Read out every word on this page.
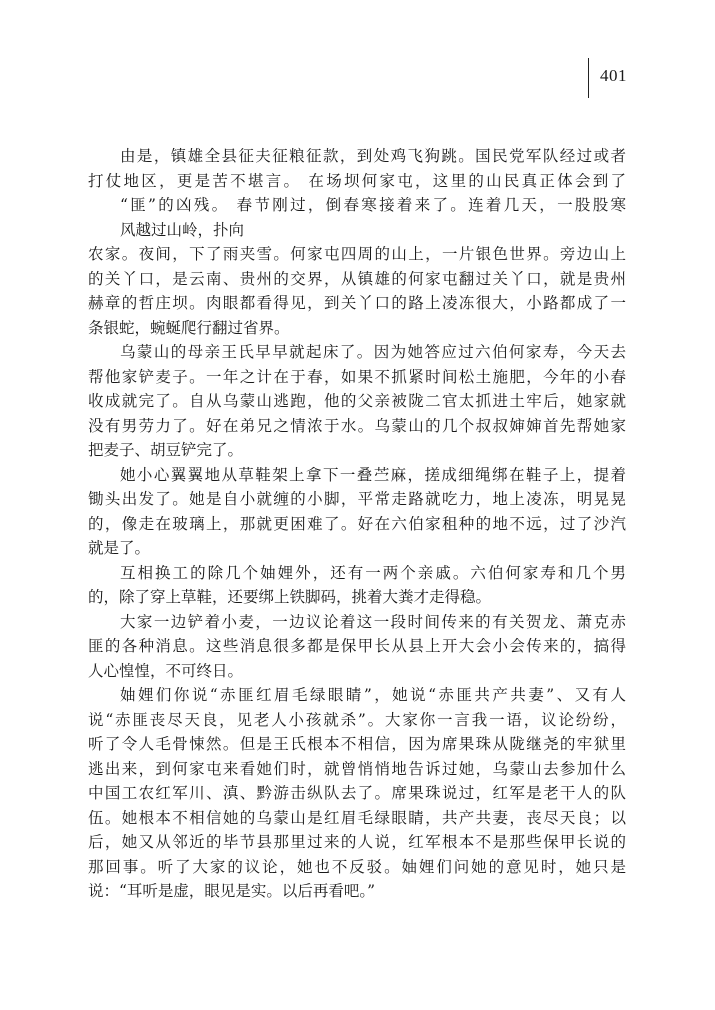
401
由是，镇雄全县征夫征粮征款，到处鸡飞狗跳。国民党军队经过或者
打仗地区，更是苦不堪言。 在场坝何家屯，这里的山民真正体会到了
“匪”的凶残。 春节刚过，倒春寒接着来了。连着几天，一股股寒
风越过山岭，扑向
农家。夜间，下了雨夹雪。何家屯四周的山上，一片银色世界。旁边山上
的关丫口，是云南、贵州的交界，从镇雄的何家屯翻过关丫口，就是贵州
赫章的哲庄坝。肉眼都看得见，到关丫口的路上凌冻很大，小路都成了一
条银蛇，蜿蜒爬行翻过省界。
乌蒙山的母亲王氏早早就起床了。因为她答应过六伯何家寿，今天去
帮他家铲麦子。一年之计在于春，如果不抓紧时间松土施肥，今年的小春
收成就完了。自从乌蒙山逃跑，他的父亲被陇二官太抓进土牢后，她家就
没有男劳力了。好在弟兄之情浓于水。乌蒙山的几个叔叔婶婶首先帮她家
把麦子、胡豆铲完了。
她小心翼翼地从草鞋架上拿下一叠苎麻，搓成细绳绑在鞋子上，提着
锄头出发了。她是自小就缠的小脚，平常走路就吃力，地上凌冻，明晃晃
的，像走在玻璃上，那就更困难了。好在六伯家租种的地不远，过了沙汽
就是了。
互相换工的除几个妯娌外，还有一两个亲戚。六伯何家寿和几个男
的，除了穿上草鞋，还要绑上铁脚码，挑着大粪才走得稳。
大家一边铲着小麦，一边议论着这一段时间传来的有关贺龙、萧克赤
匪的各种消息。这些消息很多都是保甲长从县上开大会小会传来的，搞得
人心惶惶，不可终日。
妯娌们你说“赤匪红眉毛绿眼睛”，她说“赤匪共产共妻”、又有人
说“赤匪丧尽天良，见老人小孩就杀”。大家你一言我一语，议论纷纷，
听了令人毛骨悚然。但是王氏根本不相信，因为席果珠从陇继尧的牢狱里
逃出来，到何家屯来看她们时，就曾悄悄地告诉过她，乌蒙山去参加什么
中国工农红军川、滇、黔游击纵队去了。席果珠说过，红军是老干人的队
伍。她根本不相信她的乌蒙山是红眉毛绿眼睛，共产共妻，丧尽天良；以
后，她又从邻近的毕节县那里过来的人说，红军根本不是那些保甲长说的
那回事。听了大家的议论，她也不反驳。妯娌们问她的意见时，她只是
说：“耳听是虚，眼见是实。以后再看吧。”
